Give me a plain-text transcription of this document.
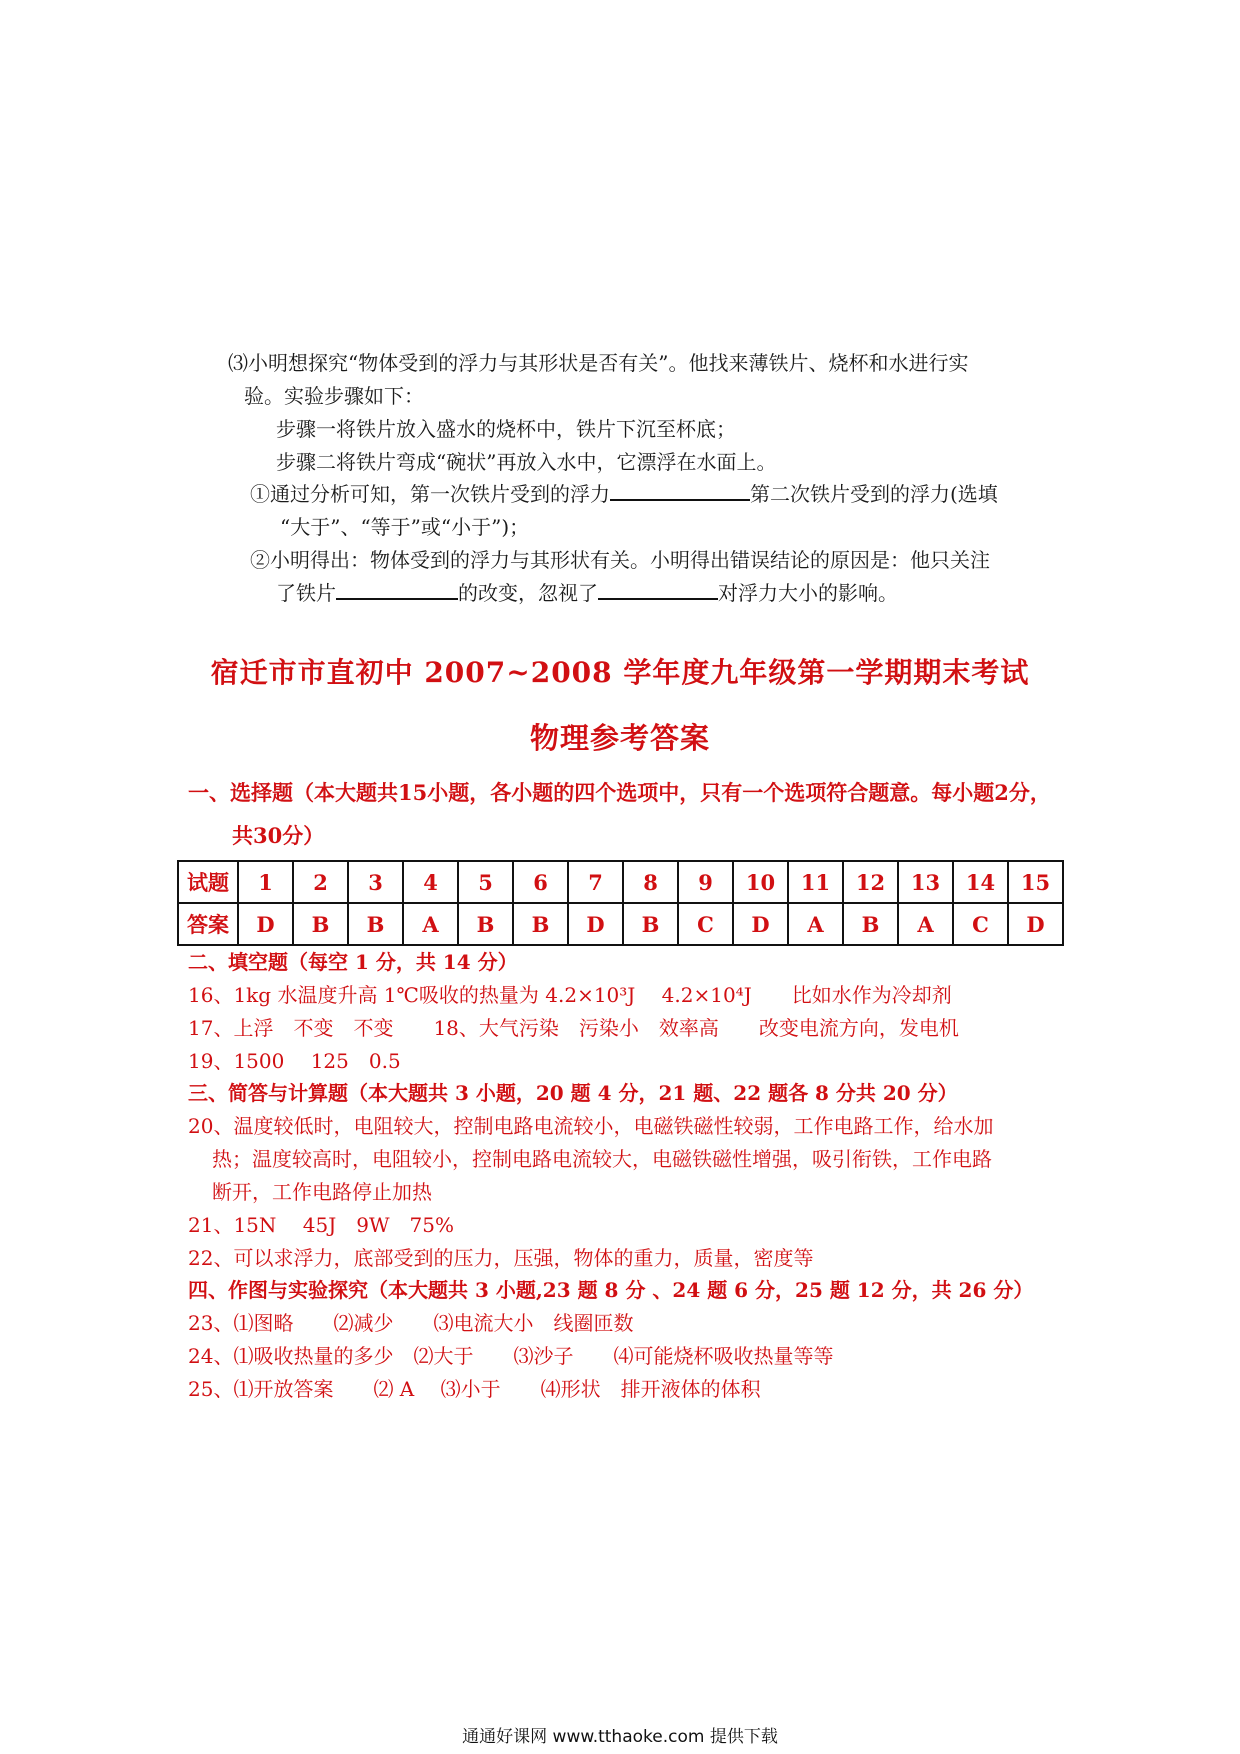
⑶小明想探究“物体受到的浮力与其形状是否有关”。他找来薄铁片、烧杯和水进行实
验。实验步骤如下：
步骤一将铁片放入盛水的烧杯中，铁片下沉至杯底；
步骤二将铁片弯成“碗状”再放入水中，它漂浮在水面上。
①通过分析可知，第一次铁片受到的浮力	第二次铁片受到的浮力(选填
“大于”、“等于”或“小于”)；
②小明得出：物体受到的浮力与其形状有关。小明得出错误结论的原因是：他只关注
了铁片	的改变，忽视了	对浮力大小的影响。
宿迁市市直初中 2007~2008 学年度九年级第一学期期末考试
物理参考答案
一、选择题（本大题共15小题，各小题的四个选项中，只有一个选项符合题意。每小题2分，
共30分）
试题	1	2	3	4	5	6	7	8	9	10	11	12	13	14	15
答案	D	B	B	A	B	B	D	B	C	D	A	B	A	C	D
二、填空题（每空 1 分，共 14 分）
16、1kg 水温度升高 1℃吸收的热量为 4.2×10³J　 4.2×10⁴J　　比如水作为冷却剂
17、上浮　不变　不变　　18、大气污染　污染小　效率高　　改变电流方向，发电机
19、1500　 125　0.5
三、简答与计算题（本大题共 3 小题，20 题 4 分，21 题、22 题各 8 分共 20 分）
20、温度较低时，电阻较大，控制电路电流较小，电磁铁磁性较弱，工作电路工作，给水加
热；温度较高时，电阻较小，控制电路电流较大，电磁铁磁性增强，吸引衔铁，工作电路
断开，工作电路停止加热
21、15N　 45J　9W　75%
22、可以求浮力，底部受到的压力，压强，物体的重力，质量，密度等
四、作图与实验探究（本大题共 3 小题,23 题 8 分 、24 题 6 分，25 题 12 分，共 26 分）
23、⑴图略　　⑵减少　　⑶电流大小　线圈匝数
24、⑴吸收热量的多少　⑵大于　　⑶沙子　　⑷可能烧杯吸收热量等等
25、⑴开放答案　　⑵ A　 ⑶小于　　⑷形状　排开液体的体积
通通好课网 www.tthaoke.com 提供下载
